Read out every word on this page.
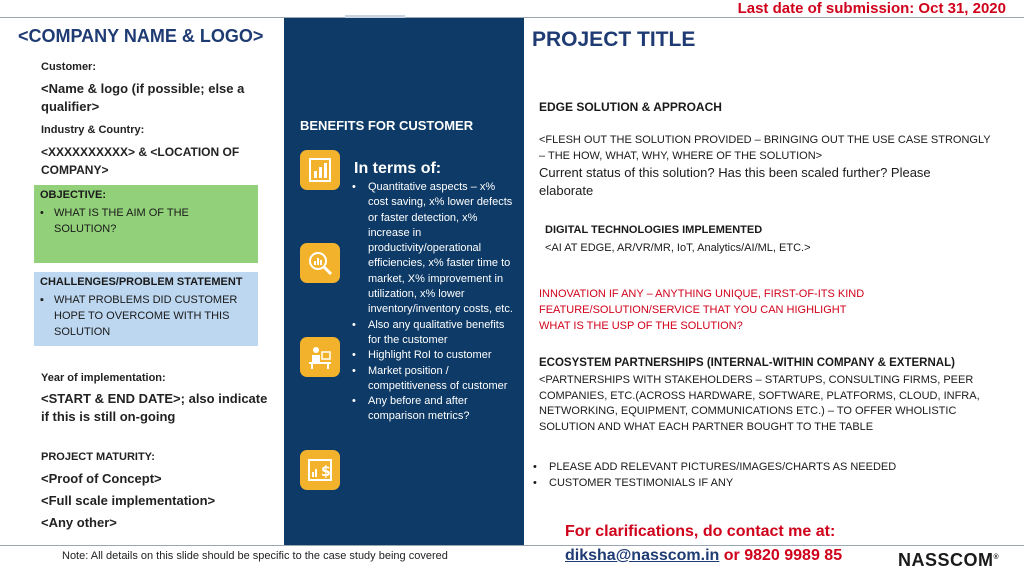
Last date of submission: Oct 31, 2020
<COMPANY NAME & LOGO>	PROJECT TITLE
Customer:
<Name & logo (if possible; else a qualifier>
Industry & Country:
<XXXXXXXXXX> & <LOCATION OF COMPANY>
OBJECTIVE:
• WHAT IS THE AIM OF THE SOLUTION?
CHALLENGES/PROBLEM STATEMENT
▪ WHAT PROBLEMS DID CUSTOMER HOPE TO OVERCOME WITH THIS SOLUTION
Year of implementation:
<START & END DATE>; also indicate if this is still on-going
PROJECT MATURITY:
<Proof of Concept>
<Full scale implementation>
<Any other>
BENEFITS FOR CUSTOMER
$
In terms of:
•	Quantitative aspects – x% cost saving, x% lower defects or faster detection, x% increase in productivity/operational efficiencies, x% faster time to market, X% improvement in utilization, x% lower inventory/inventory costs, etc.
•	Also any qualitative benefits for the customer
•	Highlight RoI to customer
•	Market position / competitiveness of customer
•	Any before and after comparison metrics?
EDGE SOLUTION & APPROACH
<FLESH OUT THE SOLUTION PROVIDED – BRINGING OUT THE USE CASE STRONGLY – THE HOW, WHAT, WHY, WHERE OF THE SOLUTION>
Current status of this solution? Has this been scaled further? Please elaborate
DIGITAL TECHNOLOGIES IMPLEMENTED
<AI AT EDGE, AR/VR/MR, IoT, Analytics/AI/ML, ETC.>
INNOVATION IF ANY – ANYTHING UNIQUE, FIRST-OF-ITS KIND
FEATURE/SOLUTION/SERVICE THAT YOU CAN HIGHLIGHT
WHAT IS THE USP OF THE SOLUTION?
ECOSYSTEM PARTNERSHIPS (INTERNAL-WITHIN COMPANY & EXTERNAL)
<PARTNERSHIPS WITH STAKEHOLDERS – STARTUPS, CONSULTING FIRMS, PEER COMPANIES, ETC.(ACROSS HARDWARE, SOFTWARE, PLATFORMS, CLOUD, INFRA, NETWORKING, EQUIPMENT, COMMUNICATIONS ETC.) – TO OFFER WHOLISTIC SOLUTION AND WHAT EACH PARTNER BOUGHT TO THE TABLE
•	PLEASE ADD RELEVANT PICTURES/IMAGES/CHARTS AS NEEDED
•	CUSTOMER TESTIMONIALS IF ANY
For clarifications, do contact me at:
diksha@nasscom.in or 9820 9989 85
Note: All details on this slide should be specific to the case study being covered	NASSCOM®
